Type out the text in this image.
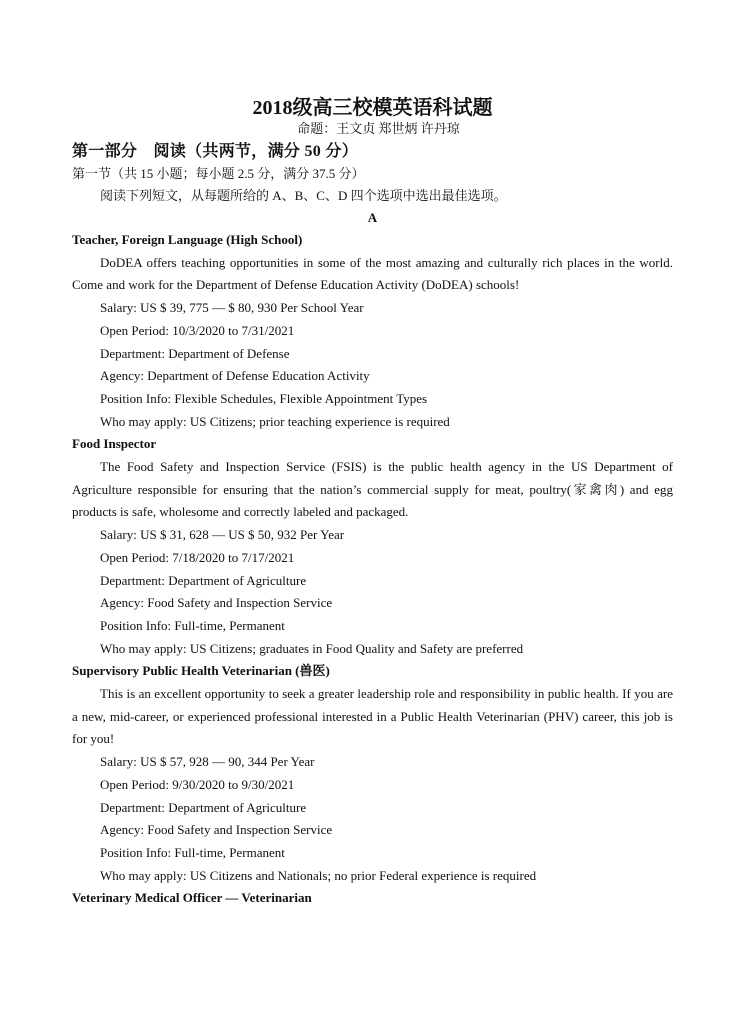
2018级高三校模英语科试题
命题：王文贞 郑世炳 许丹琼
第一部分　阅读（共两节，满分 50 分）
第一节（共 15 小题；每小题 2.5 分，满分 37.5 分）
阅读下列短文，从每题所给的 A、B、C、D 四个选项中选出最佳选项。
A
Teacher, Foreign Language (High School)
DoDEA offers teaching opportunities in some of the most amazing and culturally rich places in the world. Come and work for the Department of Defense Education Activity (DoDEA) schools!
Salary: US $ 39, 775 — $ 80, 930 Per School Year
Open Period: 10/3/2020 to 7/31/2021
Department: Department of Defense
Agency: Department of Defense Education Activity
Position Info: Flexible Schedules, Flexible Appointment Types
Who may apply: US Citizens; prior teaching experience is required
Food Inspector
The Food Safety and Inspection Service (FSIS) is the public health agency in the US Department of Agriculture responsible for ensuring that the nation’s commercial supply for meat, poultry(家禽肉) and egg products is safe, wholesome and correctly labeled and packaged.
Salary: US $ 31, 628 — US $ 50, 932 Per Year
Open Period: 7/18/2020 to 7/17/2021
Department: Department of Agriculture
Agency: Food Safety and Inspection Service
Position Info: Full-time, Permanent
Who may apply: US Citizens; graduates in Food Quality and Safety are preferred
Supervisory Public Health Veterinarian (兽医)
This is an excellent opportunity to seek a greater leadership role and responsibility in public health. If you are a new, mid-career, or experienced professional interested in a Public Health Veterinarian (PHV) career, this job is for you!
Salary: US $ 57, 928 — 90, 344 Per Year
Open Period: 9/30/2020 to 9/30/2021
Department: Department of Agriculture
Agency: Food Safety and Inspection Service
Position Info: Full-time, Permanent
Who may apply: US Citizens and Nationals; no prior Federal experience is required
Veterinary Medical Officer — Veterinarian
